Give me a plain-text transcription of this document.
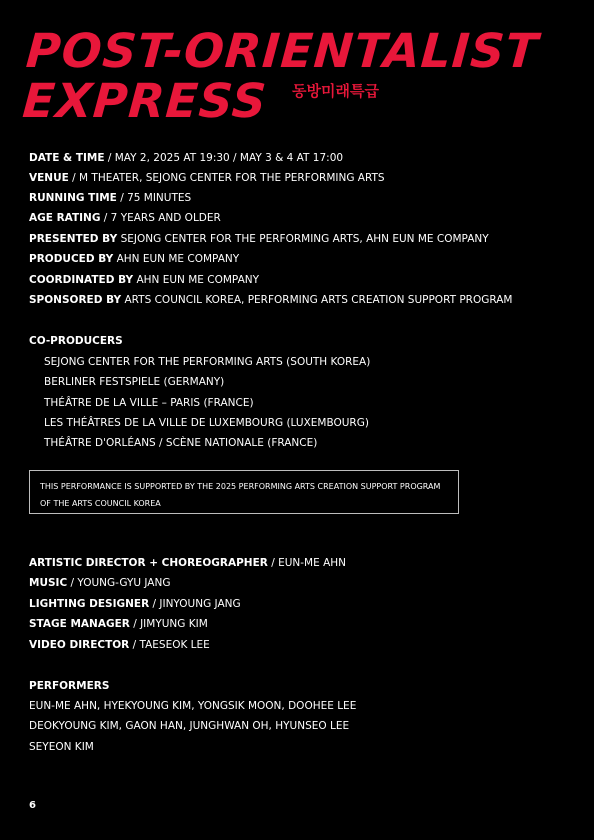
POST-ORIENTALIST
EXPRESS 동방미래특급
DATE & TIME / MAY 2, 2025 AT 19:30 / MAY 3 & 4 AT 17:00
VENUE / M THEATER, SEJONG CENTER FOR THE PERFORMING ARTS
RUNNING TIME / 75 MINUTES
AGE RATING / 7 YEARS AND OLDER
PRESENTED BY SEJONG CENTER FOR THE PERFORMING ARTS, AHN EUN ME COMPANY
PRODUCED BY AHN EUN ME COMPANY
COORDINATED BY AHN EUN ME COMPANY
SPONSORED BY ARTS COUNCIL KOREA, PERFORMING ARTS CREATION SUPPORT PROGRAM
CO-PRODUCERS
SEJONG CENTER FOR THE PERFORMING ARTS (SOUTH KOREA)
BERLINER FESTSPIELE (GERMANY)
THÉÂTRE DE LA VILLE – PARIS (FRANCE)
LES THÉÂTRES DE LA VILLE DE LUXEMBOURG (LUXEMBOURG)
THÉÂTRE D'ORLÉANS / SCÈNE NATIONALE (FRANCE)
THIS PERFORMANCE IS SUPPORTED BY THE 2025 PERFORMING ARTS CREATION SUPPORT PROGRAM
OF THE ARTS COUNCIL KOREA
ARTISTIC DIRECTOR + CHOREOGRAPHER / EUN-ME AHN
MUSIC / YOUNG-GYU JANG
LIGHTING DESIGNER / JINYOUNG JANG
STAGE MANAGER / JIMYUNG KIM
VIDEO DIRECTOR / TAESEOK LEE
PERFORMERS
EUN-ME AHN, HYEKYOUNG KIM, YONGSIK MOON, DOOHEE LEE
DEOKYOUNG KIM, GAON HAN, JUNGHWAN OH, HYUNSEO LEE
SEYEON KIM
6
